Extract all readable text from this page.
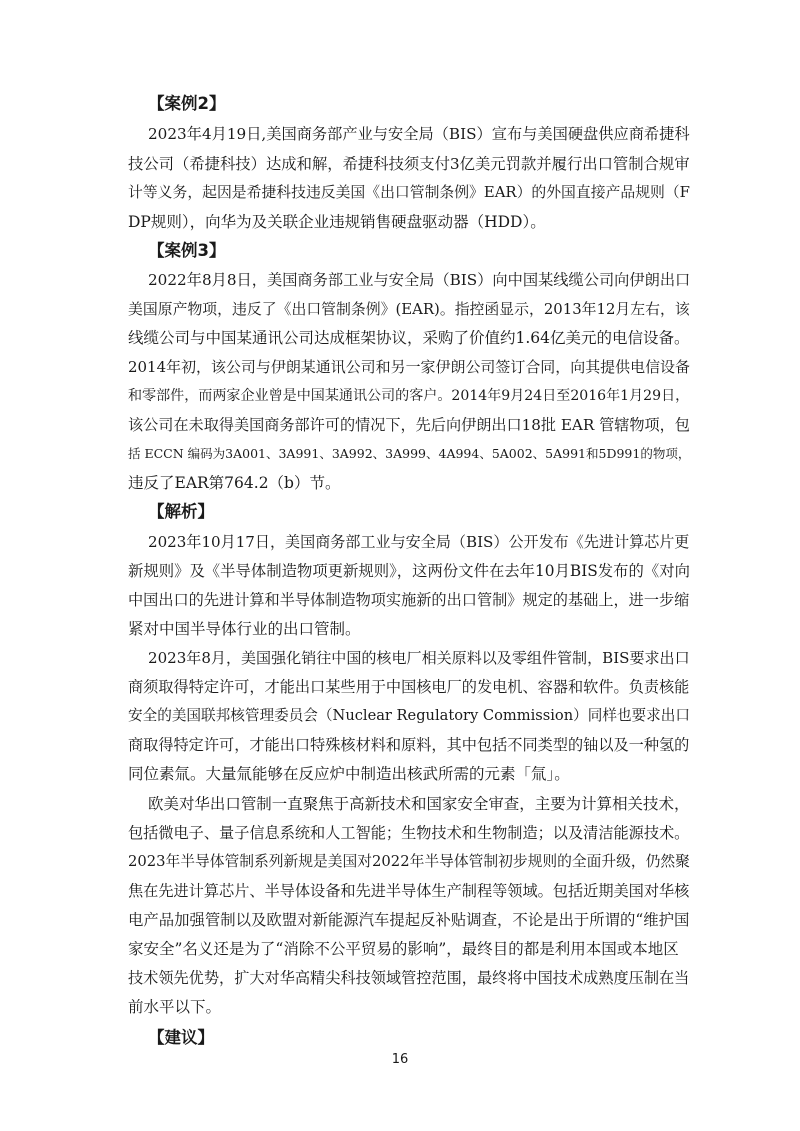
【案例2】
2023年4月19日,美国商务部产业与安全局（BIS）宣布与美国硬盘供应商希捷科
技公司（希捷科技）达成和解，希捷科技须支付3亿美元罚款并履行出口管制合规审
计等义务，起因是希捷科技违反美国《出口管制条例》EAR）的外国直接产品规则（F
DP规则），向华为及关联企业违规销售硬盘驱动器（HDD）。
【案例3】
2022年8月8日，美国商务部工业与安全局（BIS）向中国某线缆公司向伊朗出口
美国原产物项，违反了《出口管制条例》(EAR)。指控函显示，2013年12月左右，该
线缆公司与中国某通讯公司达成框架协议，采购了价值约1.64亿美元的电信设备。
2014年初，该公司与伊朗某通讯公司和另一家伊朗公司签订合同，向其提供电信设备
和零部件，而两家企业曾是中国某通讯公司的客户。2014年9月24日至2016年1月29日，
该公司在未取得美国商务部许可的情况下，先后向伊朗出口18批 EAR 管辖物项，包
括 ECCN 编码为3A001、3A991、3A992、3A999、4A994、5A002、5A991和5D991的物项，
违反了EAR第764.2（b）节。
【解析】
2023年10月17日，美国商务部工业与安全局（BIS）公开发布《先进计算芯片更
新规则》及《半导体制造物项更新规则》，这两份文件在去年10月BIS发布的《对向
中国出口的先进计算和半导体制造物项实施新的出口管制》规定的基础上，进一步缩
紧对中国半导体行业的出口管制。
2023年8月，美国强化销往中国的核电厂相关原料以及零组件管制，BIS要求出口
商须取得特定许可，才能出口某些用于中国核电厂的发电机、容器和软件。负责核能
安全的美国联邦核管理委员会（Nuclear Regulatory Commission）同样也要求出口
商取得特定许可，才能出口特殊核材料和原料，其中包括不同类型的铀以及一种氢的
同位素氚。大量氚能够在反应炉中制造出核武所需的元素「氚」。
欧美对华出口管制一直聚焦于高新技术和国家安全审查，主要为计算相关技术，
包括微电子、量子信息系统和人工智能；生物技术和生物制造；以及清洁能源技术。
2023年半导体管制系列新规是美国对2022年半导体管制初步规则的全面升级，仍然聚
焦在先进计算芯片、半导体设备和先进半导体生产制程等领域。包括近期美国对华核
电产品加强管制以及欧盟对新能源汽车提起反补贴调查，不论是出于所谓的“维护国
家安全”名义还是为了“消除不公平贸易的影响”，最终目的都是利用本国或本地区
技术领先优势，扩大对华高精尖科技领域管控范围，最终将中国技术成熟度压制在当
前水平以下。
【建议】
16
